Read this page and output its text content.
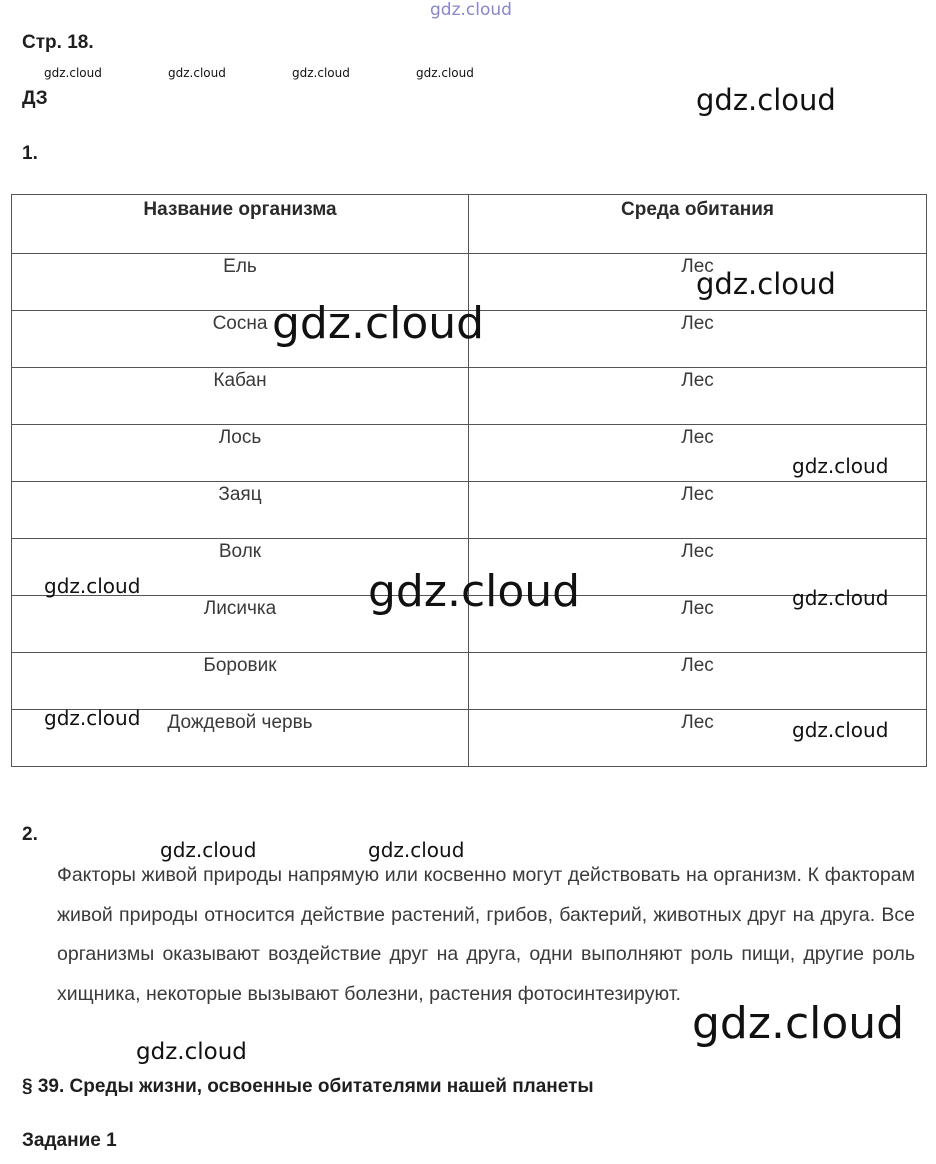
Стр. 18.
ДЗ
1.
Название организма	Среда обитания
Ель	Лес
Сосна	Лес
Кабан	Лес
Лось	Лес
Заяц	Лес
Волк	Лес
Лисичка	Лес
Боровик	Лес
Дождевой червь	Лес
2.
Факторы живой природы напрямую или косвенно могут действовать на организм. К факторам живой природы относится действие растений, грибов, бактерий, животных друг на друга. Все организмы оказывают воздействие друг на друга, одни выполняют роль пищи, другие роль хищника, некоторые вызывают болезни, растения фотосинтезируют.
§ 39. Среды жизни, освоенные обитателями нашей планеты
Задание 1
gdz.cloud
gdz.cloud	gdz.cloud	gdz.cloud	gdz.cloud
gdz.cloud
gdz.cloud
gdz.cloud
gdz.cloud
gdz.cloud	gdz.cloud	gdz.cloud
gdz.cloud	gdz.cloud
gdz.cloud	gdz.cloud
gdz.cloud
gdz.cloud
